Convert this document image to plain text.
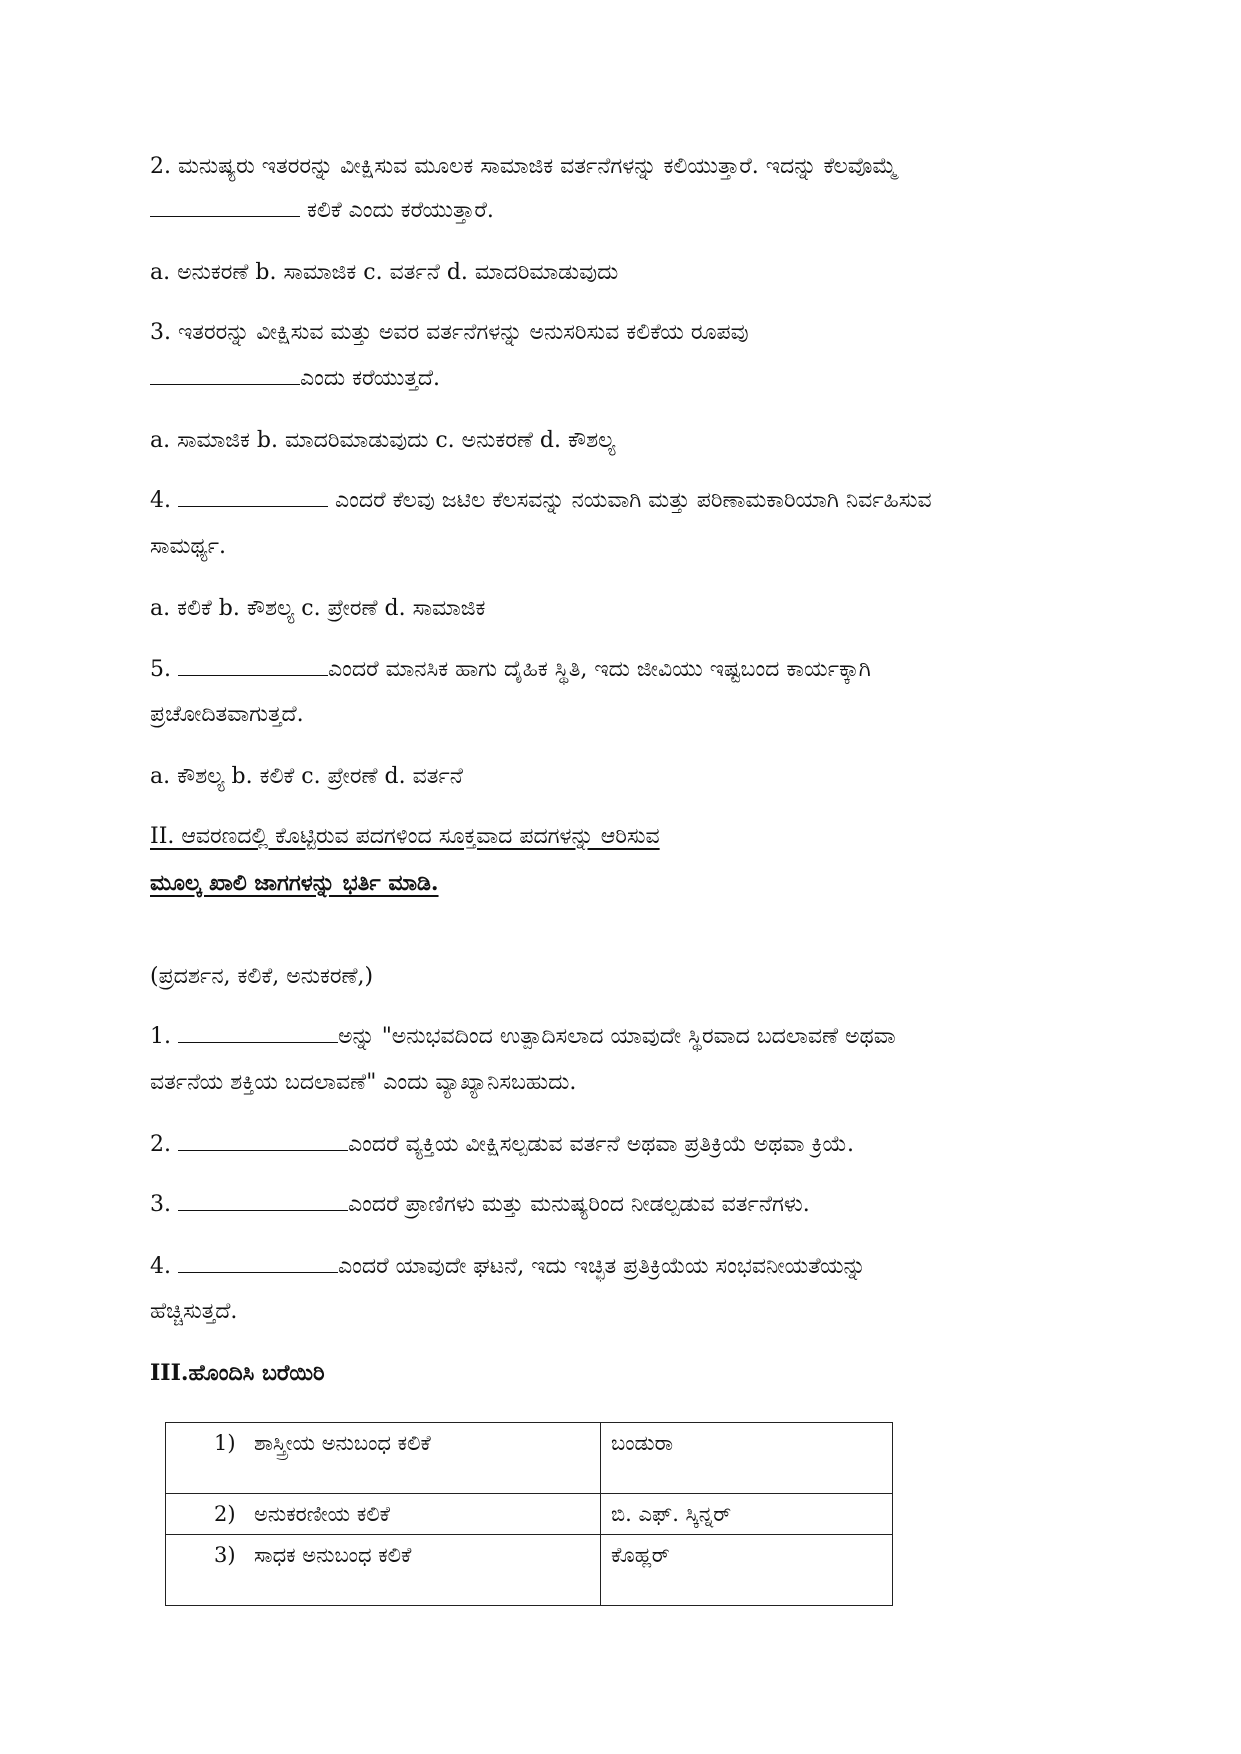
2. ಮನುಷ್ಯರು ಇತರರನ್ನು ವೀಕ್ಷಿಸುವ ಮೂಲಕ ಸಾಮಾಜಿಕ ವರ್ತನೆಗಳನ್ನು ಕಲಿಯುತ್ತಾರೆ. ಇದನ್ನು ಕೆಲವೊಮ್ಮೆ
ಕಲಿಕೆ ಎಂದು ಕರೆಯುತ್ತಾರೆ.
a. ಅನುಕರಣೆ b. ಸಾಮಾಜಿಕ c. ವರ್ತನೆ d. ಮಾದರಿಮಾಡುವುದು
3. ಇತರರನ್ನು ವೀಕ್ಷಿಸುವ ಮತ್ತು ಅವರ ವರ್ತನೆಗಳನ್ನು ಅನುಸರಿಸುವ ಕಲಿಕೆಯ ರೂಪವು
ಎಂದು ಕರೆಯುತ್ತದೆ.
a. ಸಾಮಾಜಿಕ b. ಮಾದರಿಮಾಡುವುದು c. ಅನುಕರಣೆ d. ಕೌಶಲ್ಯ
4.	ಎಂದರೆ ಕೆಲವು ಜಟಿಲ ಕೆಲಸವನ್ನು ನಯವಾಗಿ ಮತ್ತು ಪರಿಣಾಮಕಾರಿಯಾಗಿ ನಿರ್ವಹಿಸುವ
ಸಾಮರ್ಥ್ಯ.
a. ಕಲಿಕೆ b. ಕೌಶಲ್ಯ c. ಪ್ರೇರಣೆ d. ಸಾಮಾಜಿಕ
5.	ಎಂದರೆ ಮಾನಸಿಕ ಹಾಗು ದೈಹಿಕ ಸ್ಥಿತಿ, ಇದು ಜೀವಿಯು ಇಷ್ಟಬಂದ ಕಾರ್ಯಕ್ಕಾಗಿ
ಪ್ರಚೋದಿತವಾಗುತ್ತದೆ.
a. ಕೌಶಲ್ಯ b. ಕಲಿಕೆ c. ಪ್ರೇರಣೆ d. ವರ್ತನೆ
II. ಆವರಣದಲ್ಲಿ ಕೊಟ್ಟಿರುವ ಪದಗಳಿಂದ ಸೂಕ್ತವಾದ ಪದಗಳನ್ನು ಆರಿಸುವ
ಮೂಲ್ಕ ಖಾಲಿ ಜಾಗಗಳನ್ನು ಭರ್ತಿ ಮಾಡಿ.
(ಪ್ರದರ್ಶನ, ಕಲಿಕೆ, ಅನುಕರಣೆ,)
1.	ಅನ್ನು "ಅನುಭವದಿಂದ ಉತ್ಪಾದಿಸಲಾದ ಯಾವುದೇ ಸ್ಥಿರವಾದ ಬದಲಾವಣೆ ಅಥವಾ
ವರ್ತನೆಯ ಶಕ್ತಿಯ ಬದಲಾವಣೆ" ಎಂದು ವ್ಯಾಖ್ಯಾನಿಸಬಹುದು.
2.	ಎಂದರೆ ವ್ಯಕ್ತಿಯ ವೀಕ್ಷಿಸಲ್ಪಡುವ ವರ್ತನೆ ಅಥವಾ ಪ್ರತಿಕ್ರಿಯೆ ಅಥವಾ ಕ್ರಿಯೆ.
3.	ಎಂದರೆ ಪ್ರಾಣಿಗಳು ಮತ್ತು ಮನುಷ್ಯರಿಂದ ನೀಡಲ್ಪಡುವ ವರ್ತನೆಗಳು.
4.	ಎಂದರೆ ಯಾವುದೇ ಘಟನೆ, ಇದು ಇಚ್ಛಿತ ಪ್ರತಿಕ್ರಿಯೆಯ ಸಂಭವನೀಯತೆಯನ್ನು
ಹೆಚ್ಚಿಸುತ್ತದೆ.
III.ಹೊಂದಿಸಿ ಬರೆಯಿರಿ
1) ಶಾಸ್ತ್ರೀಯ ಅನುಬಂಧ ಕಲಿಕೆ	ಬಂಡುರಾ
2) ಅನುಕರಣೀಯ ಕಲಿಕೆ	ಬಿ. ಎಫ್. ಸ್ಕಿನ್ನರ್
3) ಸಾಧಕ ಅನುಬಂಧ ಕಲಿಕೆ	ಕೊಹ್ಲರ್
